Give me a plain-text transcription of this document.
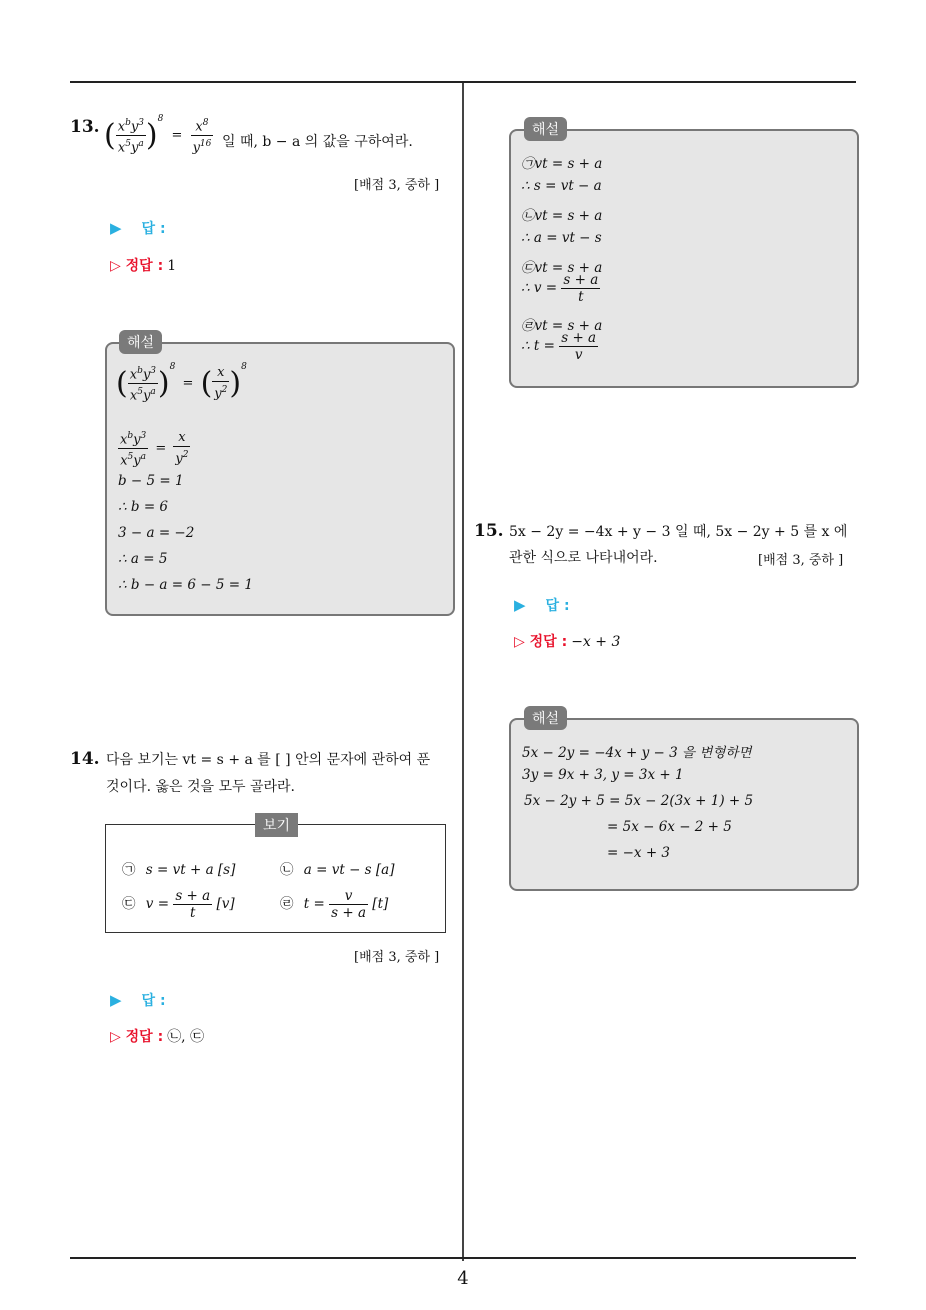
13. ( $\frac{x^by^3}{x^5y^a} )^8 = \frac{x^8}{y^{16}}$ 일 때, b − a 의 값을 구하여라.
[배점 3, 중하 ]
▶ 답 :
▷ 정답 : 1
해설
( $\frac{x^by^3}{x^5y^a} )^8$ = ( $\frac{x}{y^2} )^8$
$\frac{x^by^3}{x^5y^a} = \frac{x}{y^2}$
b − 5 = 1
∴ b = 6
3 − a = −2
∴ a = 5
∴ b − a = 6 − 5 = 1
14. 다음 보기는 vt = s + a 를 [ ] 안의 문자에 관하여 푼
것이다. 옳은 것을 모두 골라라.
보기
㉠ s = vt + a [s]	㉡ a = vt − s [a]
㉢ $v = \frac{s + a}{t} [v]$	㉣ $t = \frac{v}{s + a} [t]$
[배점 3, 중하 ]
▶ 답 :
▷ 정답 : ㉡, ㉢
해설
㉠vt = s + a
∴ s = vt − a
㉡vt = s + a
∴ a = vt − s
㉢vt = s + a
∴ $v = \frac{s + a}{t}$
㉣vt = s + a
∴ $t = \frac{s + a}{v}$
15. 5x − 2y = −4x + y − 3 일 때, 5x − 2y + 5 를 x 에
관한 식으로 나타내어라.	[배점 3, 중하 ]
▶ 답 :
▷ 정답 : −x + 3
해설
5x − 2y = −4x + y − 3 을 변형하면
3y = 9x + 3, y = 3x + 1
5x − 2y + 5 = 5x − 2(3x + 1) + 5
= 5x − 6x − 2 + 5
= −x + 3
4
